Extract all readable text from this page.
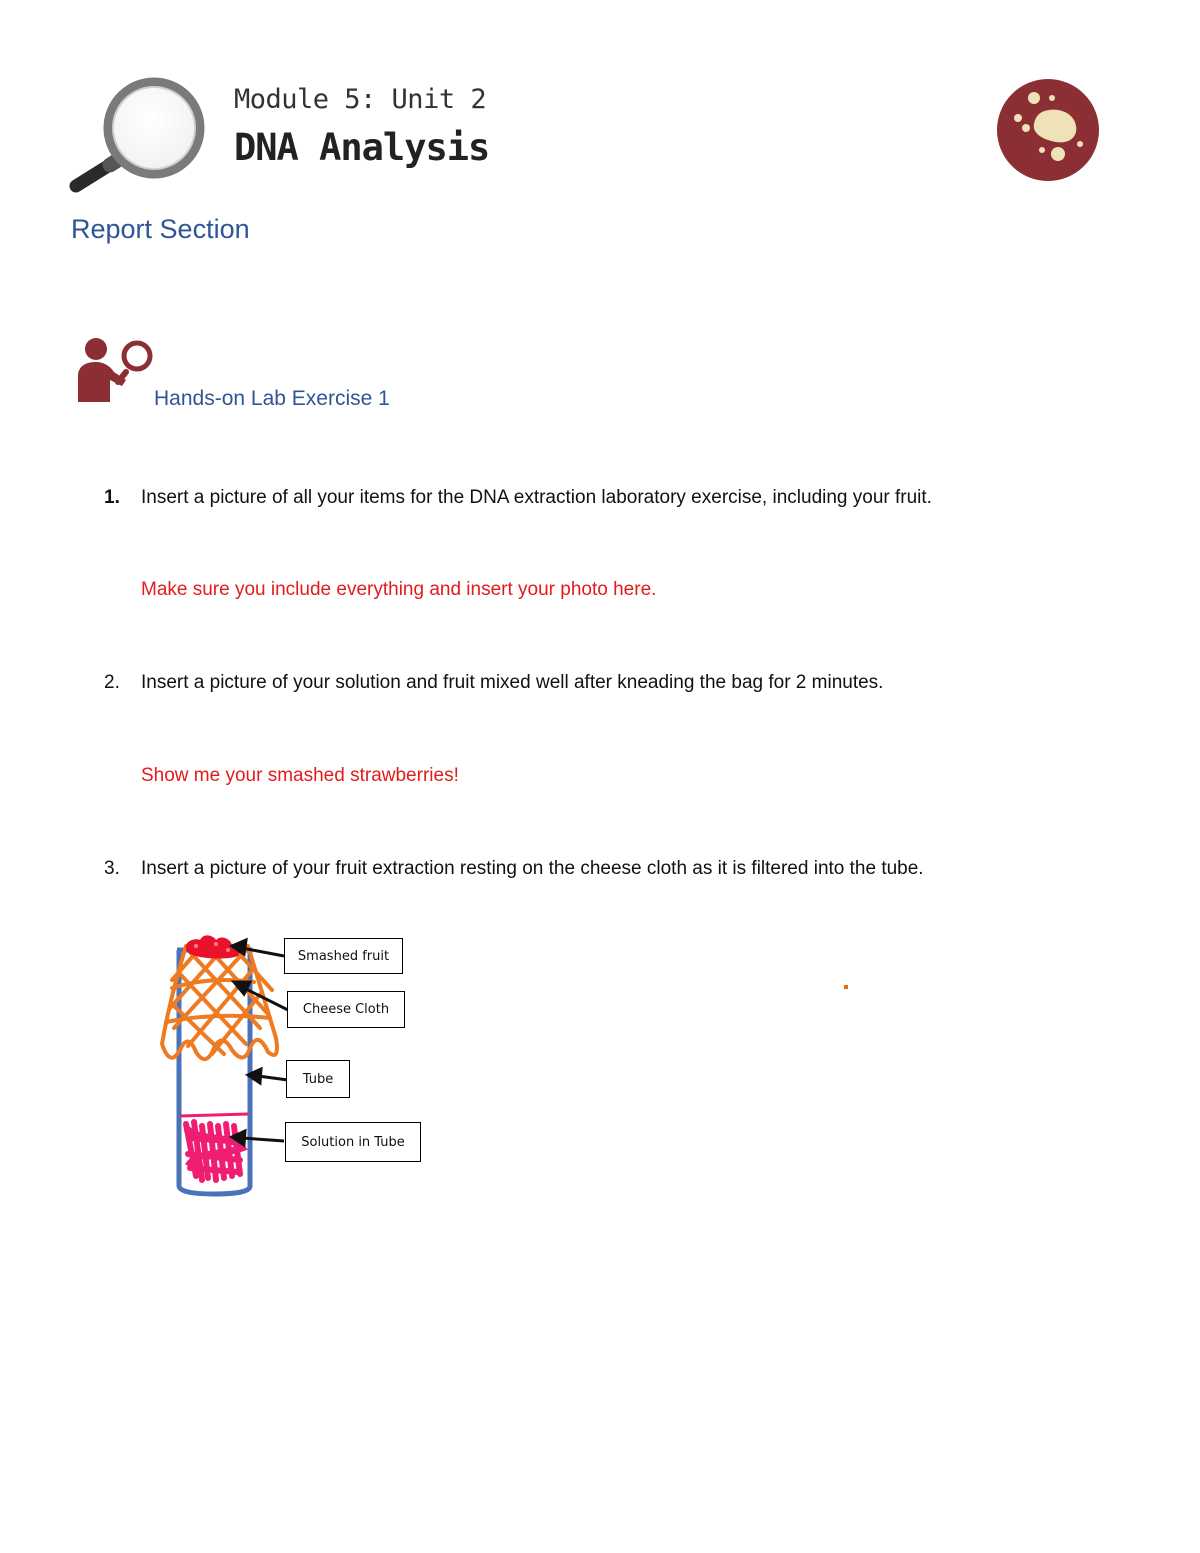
Module 5: Unit 2
DNA Analysis
Report Section
Hands-on Lab Exercise 1
1. Insert a picture of all your items for the DNA extraction laboratory exercise, including your fruit.
Make sure you include everything and insert your photo here.
2. Insert a picture of your solution and fruit mixed well after kneading the bag for 2 minutes.
Show me your smashed strawberries!
3. Insert a picture of your fruit extraction resting on the cheese cloth as it is filtered into the tube.
Smashed fruit
Cheese Cloth
Tube
Solution in Tube
